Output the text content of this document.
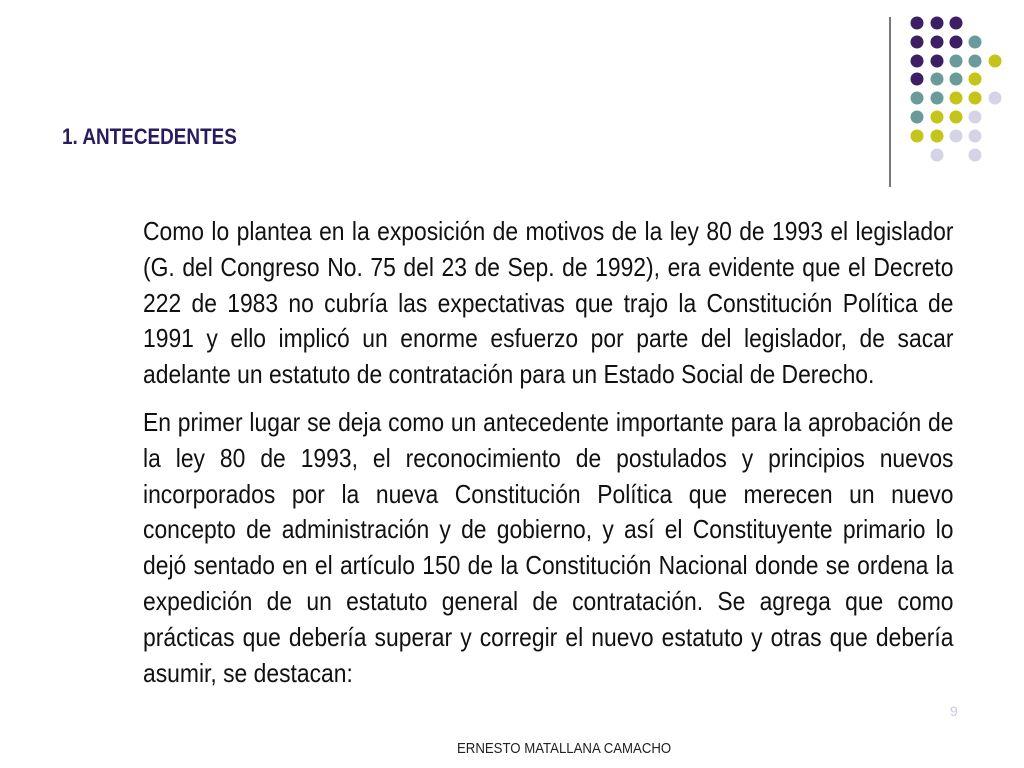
1. ANTECEDENTES

Como lo plantea en la exposición de motivos de la ley 80 de 1993 el legislador (G. del Congreso No. 75 del 23 de Sep. de 1992), era evidente que el Decreto 222 de 1983 no cubría las expectativas que trajo la Constitución Política de 1991 y ello implicó un enorme esfuerzo por parte del legislador, de sacar adelante un estatuto de contratación para un Estado Social de Derecho.

En primer lugar se deja como un antecedente importante para la aprobación de la ley 80 de 1993, el reconocimiento de postulados y principios nuevos incorporados por la nueva Constitución Política que merecen un nuevo concepto de administración y de gobierno, y así el Constituyente primario lo dejó sentado en el artículo 150 de la Constitución Nacional donde se ordena la expedición de un estatuto general de contratación. Se agrega que como prácticas que debería superar y corregir el nuevo estatuto y otras que debería asumir, se destacan:

9
ERNESTO MATALLANA CAMACHO
